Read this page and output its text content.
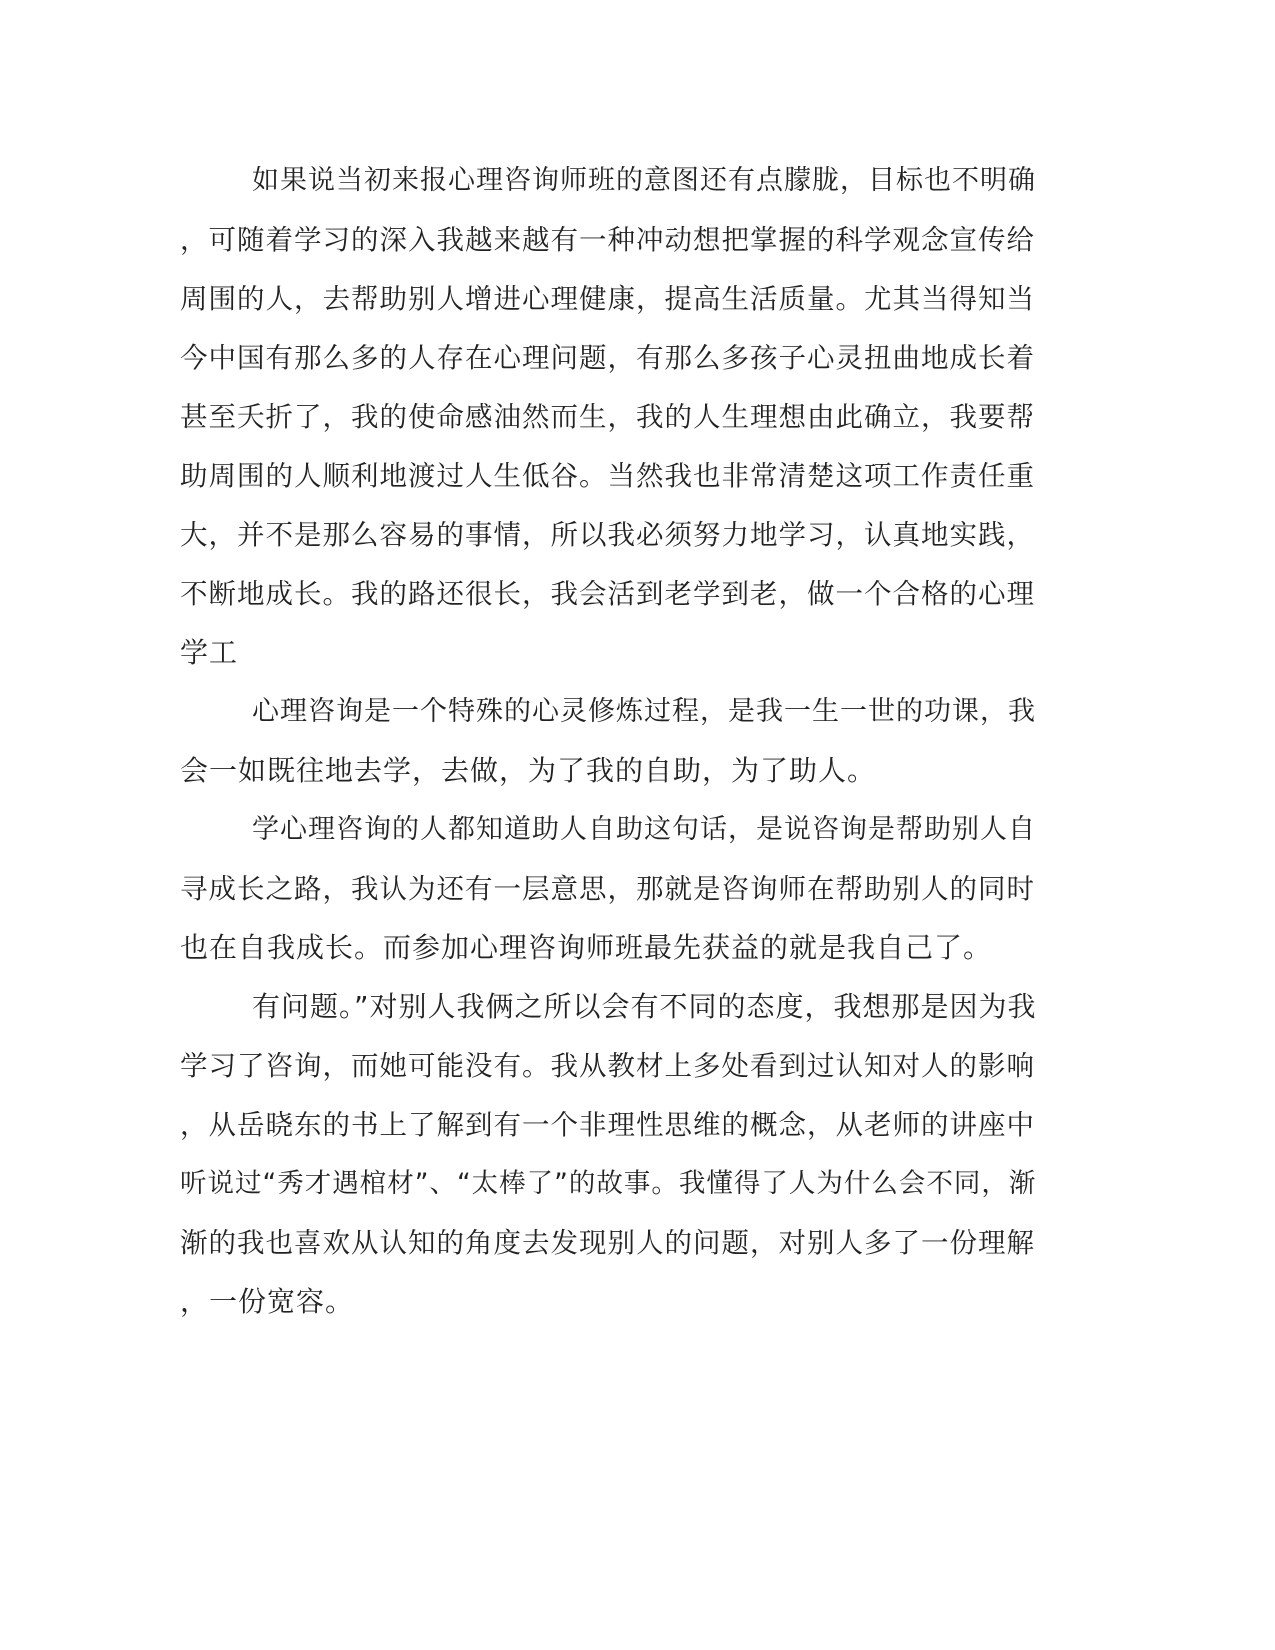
如果说当初来报心理咨询师班的意图还有点朦胧，目标也不明确
，可随着学习的深入我越来越有一种冲动想把掌握的科学观念宣传给
周围的人，去帮助别人增进心理健康，提高生活质量。尤其当得知当
今中国有那么多的人存在心理问题，有那么多孩子心灵扭曲地成长着
甚至夭折了，我的使命感油然而生，我的人生理想由此确立，我要帮
助周围的人顺利地渡过人生低谷。当然我也非常清楚这项工作责任重
大，并不是那么容易的事情，所以我必须努力地学习，认真地实践，
不断地成长。我的路还很长，我会活到老学到老，做一个合格的心理
学工
心理咨询是一个特殊的心灵修炼过程，是我一生一世的功课，我
会一如既往地去学，去做，为了我的自助，为了助人。
学心理咨询的人都知道助人自助这句话，是说咨询是帮助别人自
寻成长之路，我认为还有一层意思，那就是咨询师在帮助别人的同时
也在自我成长。而参加心理咨询师班最先获益的就是我自己了。
有问题。”对别人我俩之所以会有不同的态度，我想那是因为我
学习了咨询，而她可能没有。我从教材上多处看到过认知对人的影响
，从岳晓东的书上了解到有一个非理性思维的概念，从老师的讲座中
听说过“秀才遇棺材”、“太棒了”的故事。我懂得了人为什么会不同，渐
渐的我也喜欢从认知的角度去发现别人的问题，对别人多了一份理解
，一份宽容。
